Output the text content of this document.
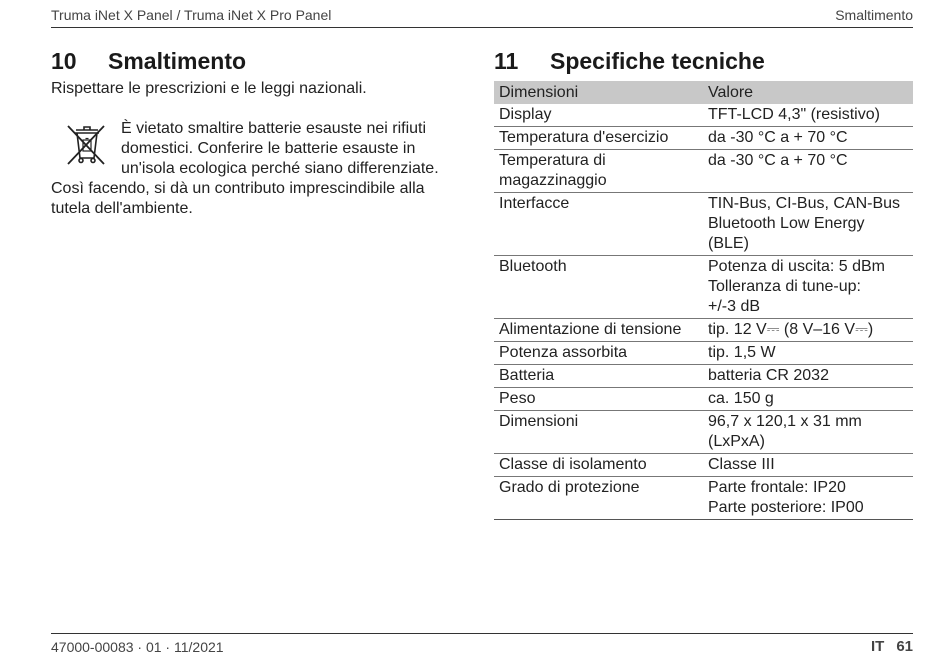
Truma iNet X Panel / Truma iNet X Pro Panel	Smaltimento
10 Smaltimento

Rispettare le prescrizioni e le leggi nazionali.

È vietato smaltire batterie esauste nei rifiuti
domestici. Conferire le batterie esauste in
un'isola ecologica perché siano differenziate.
Così facendo, si dà un contributo imprescindibile alla
tutela dell'ambiente.

11 Specifiche tecniche
Dimensioni	Valore
Display	TFT-LCD 4,3" (resistivo)
Temperatura d'esercizio	da -30 °C a + 70 °C
Temperatura di
magazzinaggio	da -30 °C a + 70 °C
Interfacce	TIN-Bus, CI-Bus, CAN-Bus
Bluetooth Low Energy
(BLE)
Bluetooth	Potenza di uscita: 5 dBm
Tolleranza di tune-up:
+/-3 dB
Alimentazione di tensione	tip. 12 V⎓ (8 V–16 V⎓)
Potenza assorbita	tip. 1,5 W
Batteria	batteria CR 2032
Peso	ca. 150 g
Dimensioni	96,7 x 120,1 x 31 mm
(LxPxA)
Classe di isolamento	Classe III
Grado di protezione	Parte frontale: IP20
Parte posteriore: IP00
47000-00083 · 01 · 11/2021	IT 61
